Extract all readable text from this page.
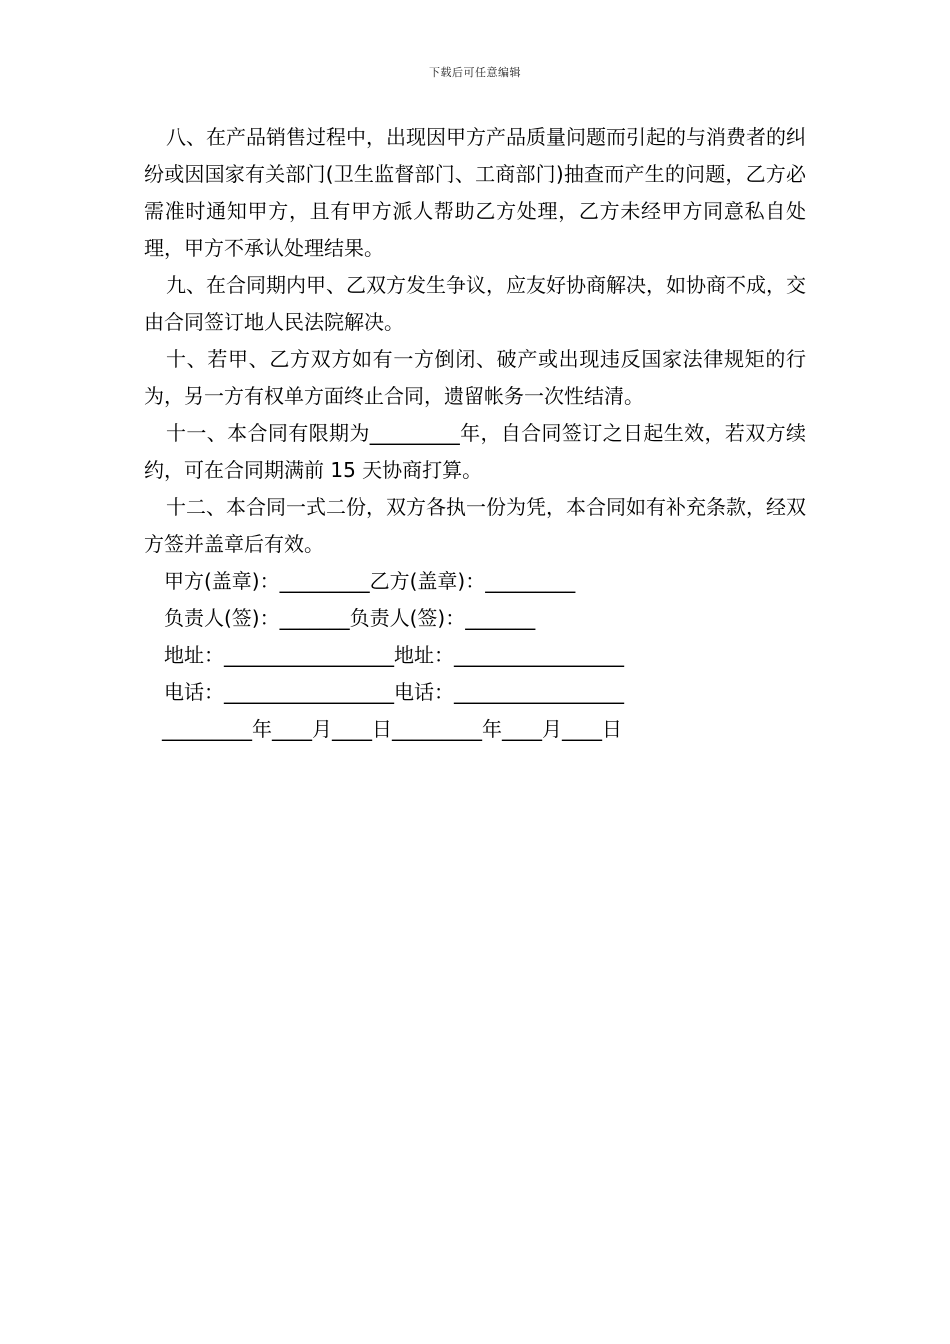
下载后可任意编辑

八、在产品销售过程中，出现因甲方产品质量问题而引起的与消费者的纠纷或因国家有关部门(卫生监督部门、工商部门)抽查而产生的问题，乙方必需准时通知甲方，且有甲方派人帮助乙方处理，乙方未经甲方同意私自处理，甲方不承认处理结果。

九、在合同期内甲、乙双方发生争议，应友好协商解决，如协商不成，交由合同签订地人民法院解决。

十、若甲、乙方双方如有一方倒闭、破产或出现违反国家法律规矩的行为，另一方有权单方面终止合同，遗留帐务一次性结清。

十一、本合同有限期为_________年，自合同签订之日起生效，若双方续约，可在合同期满前 15 天协商打算。

十二、本合同一式二份，双方各执一份为凭，本合同如有补充条款，经双方签并盖章后有效。

甲方(盖章)：_________乙方(盖章)：_________

负责人(签)：_______负责人(签)：_______

地址：_________________地址：_________________

电话：_________________电话：_________________

_________年____月____日_________年____月____日
